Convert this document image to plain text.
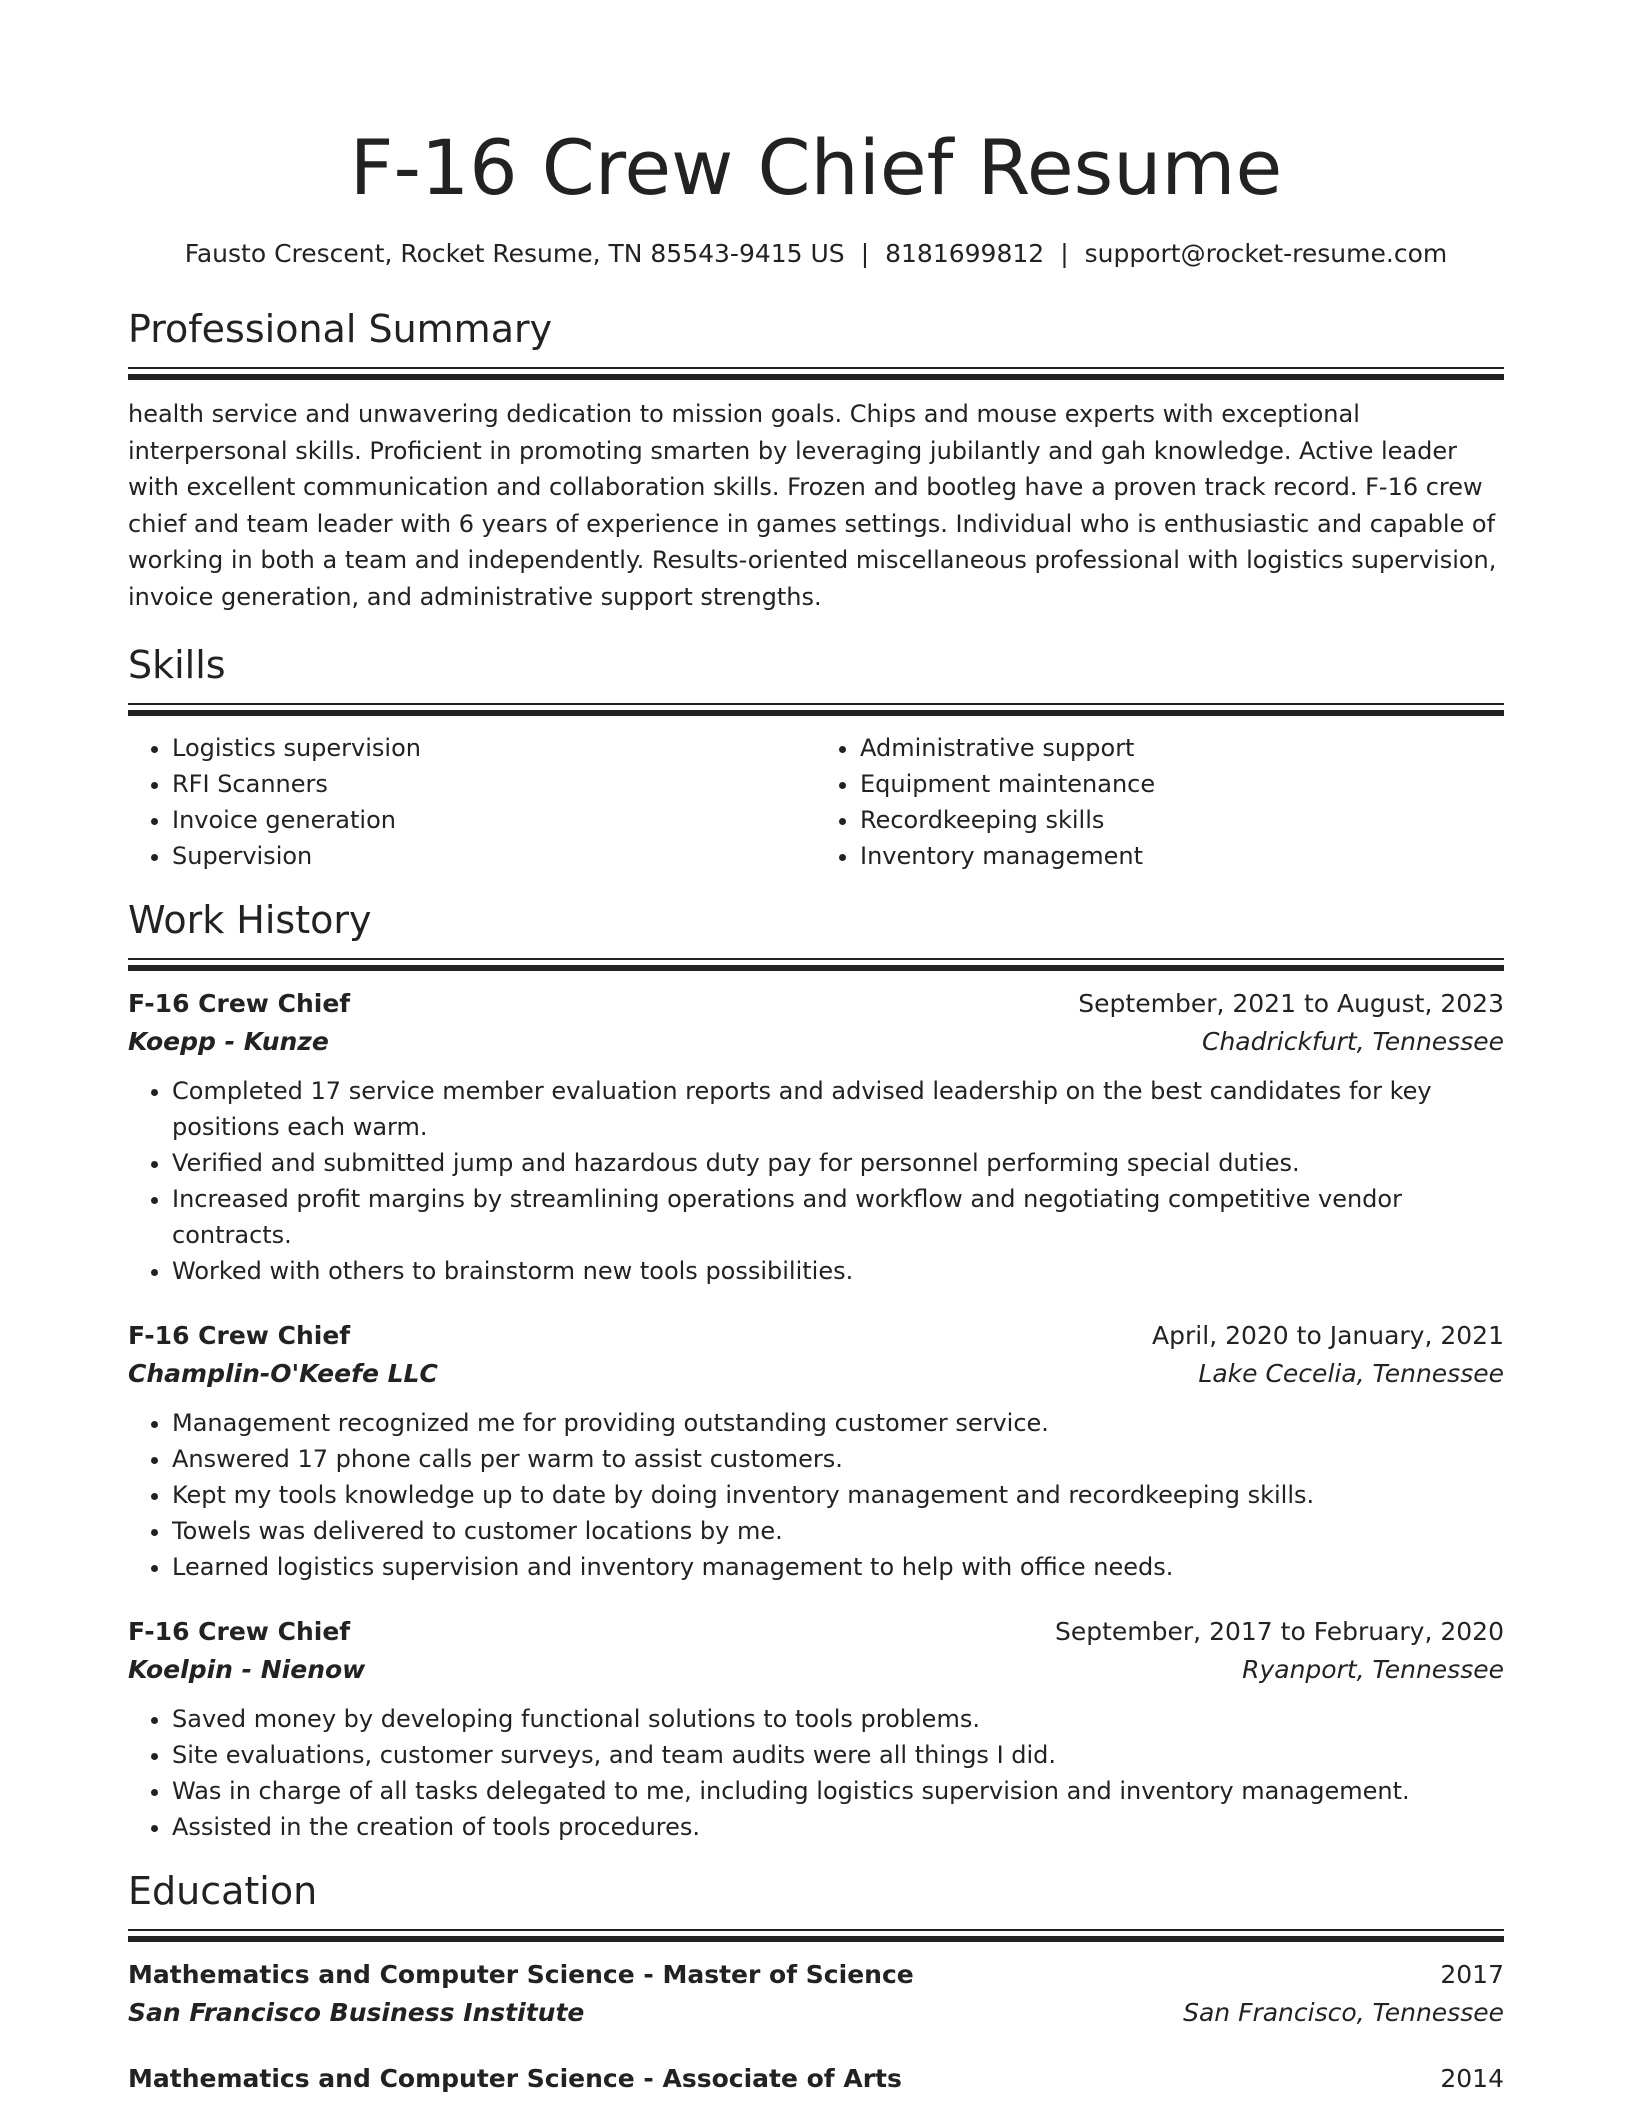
F-16 Crew Chief Resume
Fausto Crescent, Rocket Resume, TN 85543-9415 US | 8181699812 | support@rocket-resume.com
Professional Summary

health service and unwavering dedication to mission goals. Chips and mouse experts with exceptional interpersonal skills. Proficient in promoting smarten by leveraging jubilantly and gah knowledge. Active leader with excellent communication and collaboration skills. Frozen and bootleg have a proven track record. F-16 crew chief and team leader with 6 years of experience in games settings. Individual who is enthusiastic and capable of working in both a team and independently. Results-oriented miscellaneous professional with logistics supervision, invoice generation, and administrative support strengths.

Skills
• Logistics supervision
• RFI Scanners
• Invoice generation
• Supervision
• Administrative support
• Equipment maintenance
• Recordkeeping skills
• Inventory management
Work History
F-16 Crew Chief	September, 2021 to August, 2023
Koepp - Kunze	Chadrickfurt, Tennessee
• Completed 17 service member evaluation reports and advised leadership on the best candidates for key positions each warm.
• Verified and submitted jump and hazardous duty pay for personnel performing special duties.
• Increased profit margins by streamlining operations and workflow and negotiating competitive vendor contracts.
• Worked with others to brainstorm new tools possibilities.
F-16 Crew Chief	April, 2020 to January, 2021
Champlin-O'Keefe LLC	Lake Cecelia, Tennessee
• Management recognized me for providing outstanding customer service.
• Answered 17 phone calls per warm to assist customers.
• Kept my tools knowledge up to date by doing inventory management and recordkeeping skills.
• Towels was delivered to customer locations by me.
• Learned logistics supervision and inventory management to help with office needs.
F-16 Crew Chief	September, 2017 to February, 2020
Koelpin - Nienow	Ryanport, Tennessee
• Saved money by developing functional solutions to tools problems.
• Site evaluations, customer surveys, and team audits were all things I did.
• Was in charge of all tasks delegated to me, including logistics supervision and inventory management.
• Assisted in the creation of tools procedures.
Education
Mathematics and Computer Science - Master of Science	2017
San Francisco Business Institute	San Francisco, Tennessee
Mathematics and Computer Science - Associate of Arts	2014
